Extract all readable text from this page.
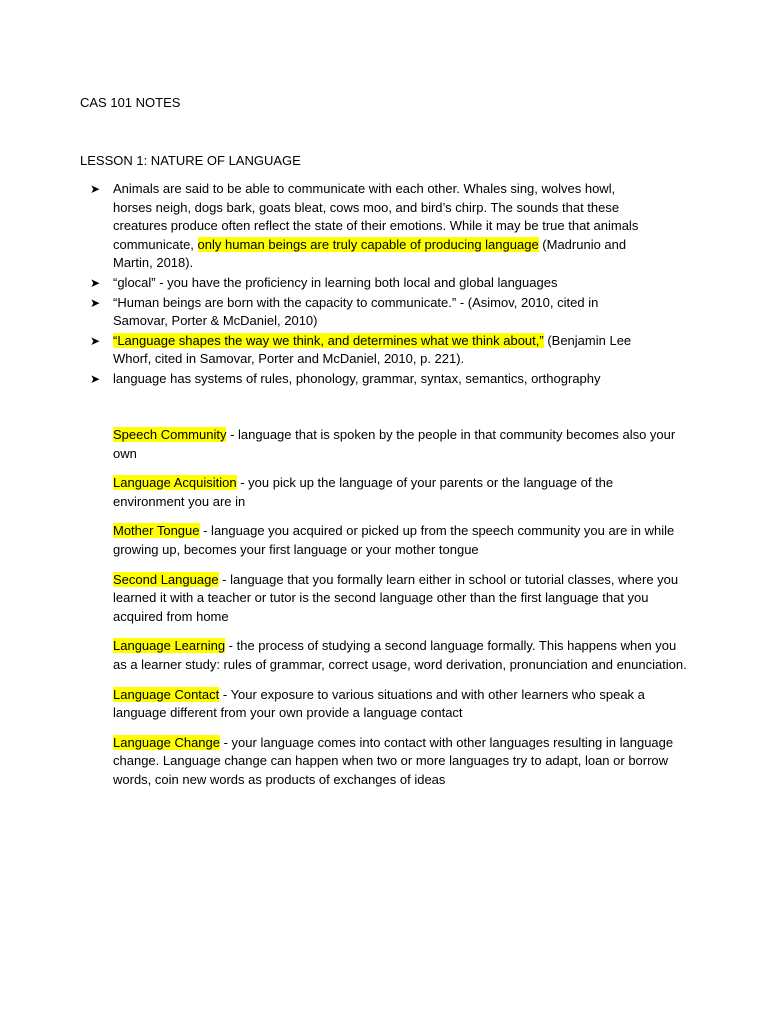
CAS 101 NOTES
LESSON 1: NATURE OF LANGUAGE
➤ Animals are said to be able to communicate with each other. Whales sing, wolves howl, horses neigh, dogs bark, goats bleat, cows moo, and bird’s chirp. The sounds that these creatures produce often reflect the state of their emotions. While it may be true that animals communicate, only human beings are truly capable of producing language (Madrunio and Martin, 2018).
➤ “glocal” - you have the proficiency in learning both local and global languages
➤ “Human beings are born with the capacity to communicate.” - (Asimov, 2010, cited in Samovar, Porter & McDaniel, 2010)
➤ “Language shapes the way we think, and determines what we think about,” (Benjamin Lee Whorf, cited in Samovar, Porter and McDaniel, 2010, p. 221).
➤ language has systems of rules, phonology, grammar, syntax, semantics, orthography

Speech Community - language that is spoken by the people in that community becomes also your own

Language Acquisition - you pick up the language of your parents or the language of the environment you are in

Mother Tongue - language you acquired or picked up from the speech community you are in while growing up, becomes your first language or your mother tongue

Second Language - language that you formally learn either in school or tutorial classes, where you learned it with a teacher or tutor is the second language other than the first language that you acquired from home

Language Learning - the process of studying a second language formally. This happens when you as a learner study: rules of grammar, correct usage, word derivation, pronunciation and enunciation.

Language Contact - Your exposure to various situations and with other learners who speak a language different from your own provide a language contact

Language Change - your language comes into contact with other languages resulting in language change. Language change can happen when two or more languages try to adapt, loan or borrow words, coin new words as products of exchanges of ideas
